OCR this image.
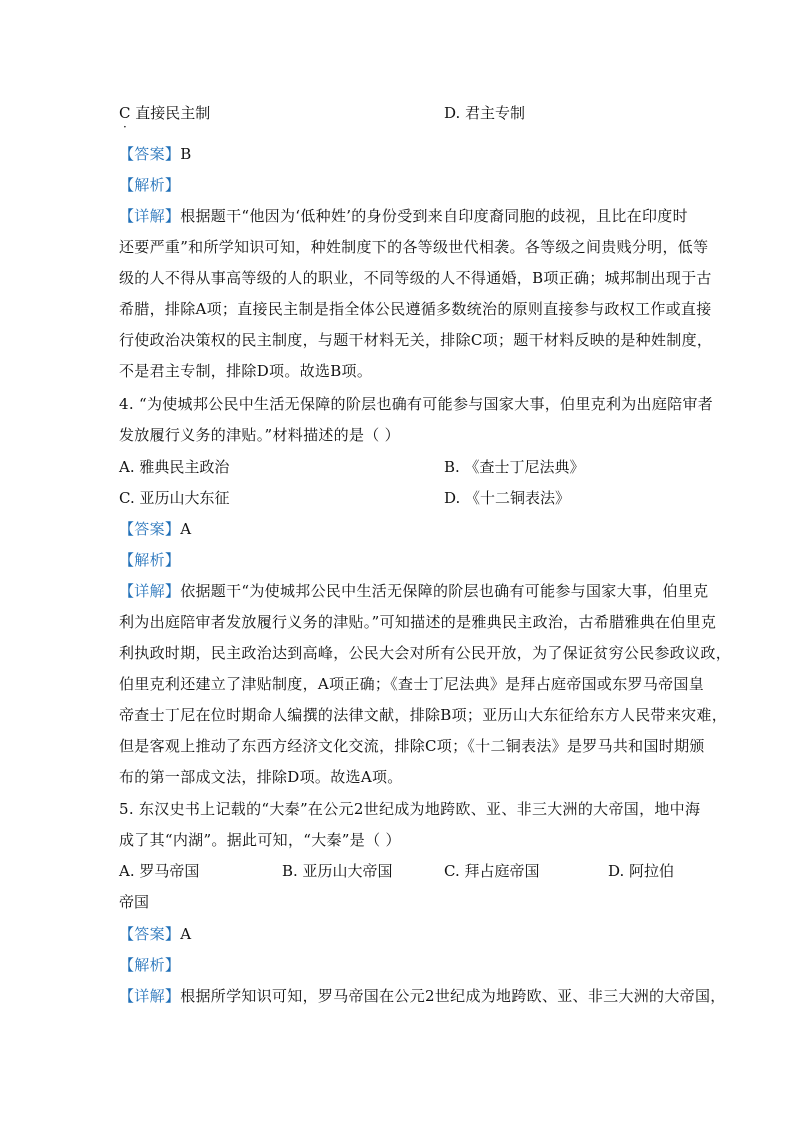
C 直接民主制
·
D. 君主专制
【答案】B
【解析】
【详解】根据题干“他因为‘低种姓’的身份受到来自印度裔同胞的歧视，且比在印度时
还要严重”和所学知识可知，种姓制度下的各等级世代相袭。各等级之间贵贱分明，低等
级的人不得从事高等级的人的职业，不同等级的人不得通婚，B项正确；城邦制出现于古
希腊，排除A项；直接民主制是指全体公民遵循多数统治的原则直接参与政权工作或直接
行使政治决策权的民主制度，与题干材料无关，排除C项；题干材料反映的是种姓制度，
不是君主专制，排除D项。故选B项。
4. “为使城邦公民中生活无保障的阶层也确有可能参与国家大事，伯里克利为出庭陪审者
发放履行义务的津贴。”材料描述的是（ ）
A. 雅典民主政治	B. 《查士丁尼法典》
C. 亚历山大东征	D. 《十二铜表法》
【答案】A
【解析】
【详解】依据题干“为使城邦公民中生活无保障的阶层也确有可能参与国家大事，伯里克
利为出庭陪审者发放履行义务的津贴。”可知描述的是雅典民主政治，古希腊雅典在伯里克
利执政时期，民主政治达到高峰，公民大会对所有公民开放，为了保证贫穷公民参政议政，
伯里克利还建立了津贴制度，A项正确；《查士丁尼法典》是拜占庭帝国或东罗马帝国皇
帝查士丁尼在位时期命人编撰的法律文献，排除B项；亚历山大东征给东方人民带来灾难，
但是客观上推动了东西方经济文化交流，排除C项；《十二铜表法》是罗马共和国时期颁
布的第一部成文法，排除D项。故选A项。
5. 东汉史书上记载的“大秦”在公元2世纪成为地跨欧、亚、非三大洲的大帝国，地中海
成了其“内湖”。据此可知，“大秦”是（ ）
A. 罗马帝国	B. 亚历山大帝国	C. 拜占庭帝国	D. 阿拉伯
帝国
【答案】A
【解析】
【详解】根据所学知识可知，罗马帝国在公元2世纪成为地跨欧、亚、非三大洲的大帝国，
